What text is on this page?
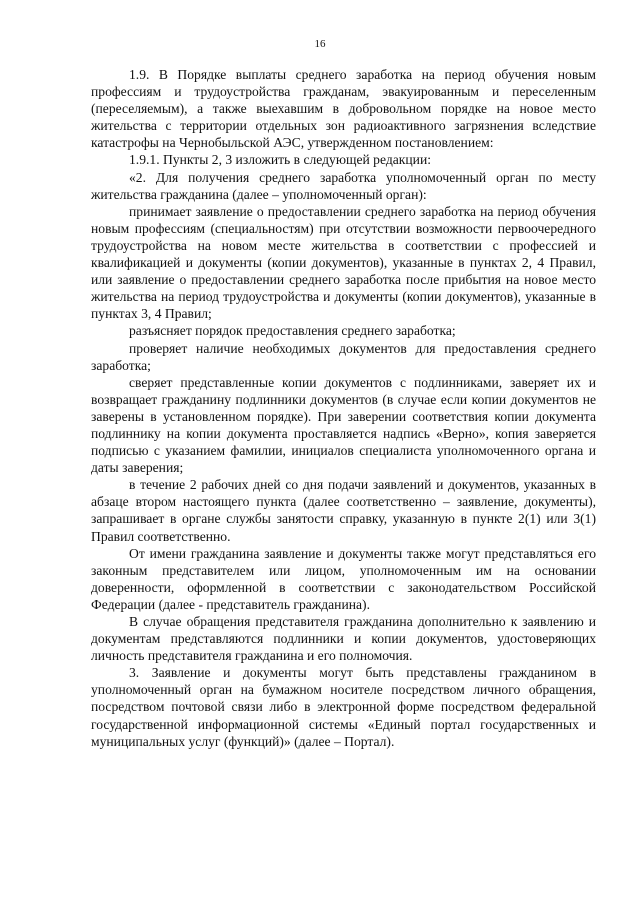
16

1.9. В Порядке выплаты среднего заработка на период обучения новым профессиям и трудоустройства гражданам, эвакуированным и переселенным (переселяемым), а также выехавшим в добровольном порядке на новое место жительства с территории отдельных зон радиоактивного загрязнения вследствие катастрофы на Чернобыльской АЭС, утвержденном постановлением:

1.9.1. Пункты 2, 3 изложить в следующей редакции:

«2. Для получения среднего заработка уполномоченный орган по месту жительства гражданина (далее – уполномоченный орган):

принимает заявление о предоставлении среднего заработка на период обучения новым профессиям (специальностям) при отсутствии возможности первоочередного трудоустройства на новом месте жительства в соответствии с профессией и квалификацией и документы (копии документов), указанные в пунктах 2, 4 Правил, или заявление о предоставлении среднего заработка после прибытия на новое место жительства на период трудоустройства и документы (копии документов), указанные в пунктах 3, 4 Правил;

разъясняет порядок предоставления среднего заработка;

проверяет наличие необходимых документов для предоставления среднего заработка;

сверяет представленные копии документов с подлинниками, заверяет их и возвращает гражданину подлинники документов (в случае если копии документов не заверены в установленном порядке). При заверении соответствия копии документа подлиннику на копии документа проставляется надпись «Верно», копия заверяется подписью с указанием фамилии, инициалов специалиста уполномоченного органа и даты заверения;

в течение 2 рабочих дней со дня подачи заявлений и документов, указанных в абзаце втором настоящего пункта (далее соответственно – заявление, документы), запрашивает в органе службы занятости справку, указанную в пункте 2(1) или 3(1) Правил соответственно.

От имени гражданина заявление и документы также могут представляться его законным представителем или лицом, уполномоченным им на основании доверенности, оформленной в соответствии с законодательством Российской Федерации (далее - представитель гражданина).

В случае обращения представителя гражданина дополнительно к заявлению и документам представляются подлинники и копии документов, удостоверяющих личность представителя гражданина и его полномочия.

3. Заявление и документы могут быть представлены гражданином в уполномоченный орган на бумажном носителе посредством личного обращения, посредством почтовой связи либо в электронной форме посредством федеральной государственной информационной системы «Единый портал государственных и муниципальных услуг (функций)» (далее – Портал).
